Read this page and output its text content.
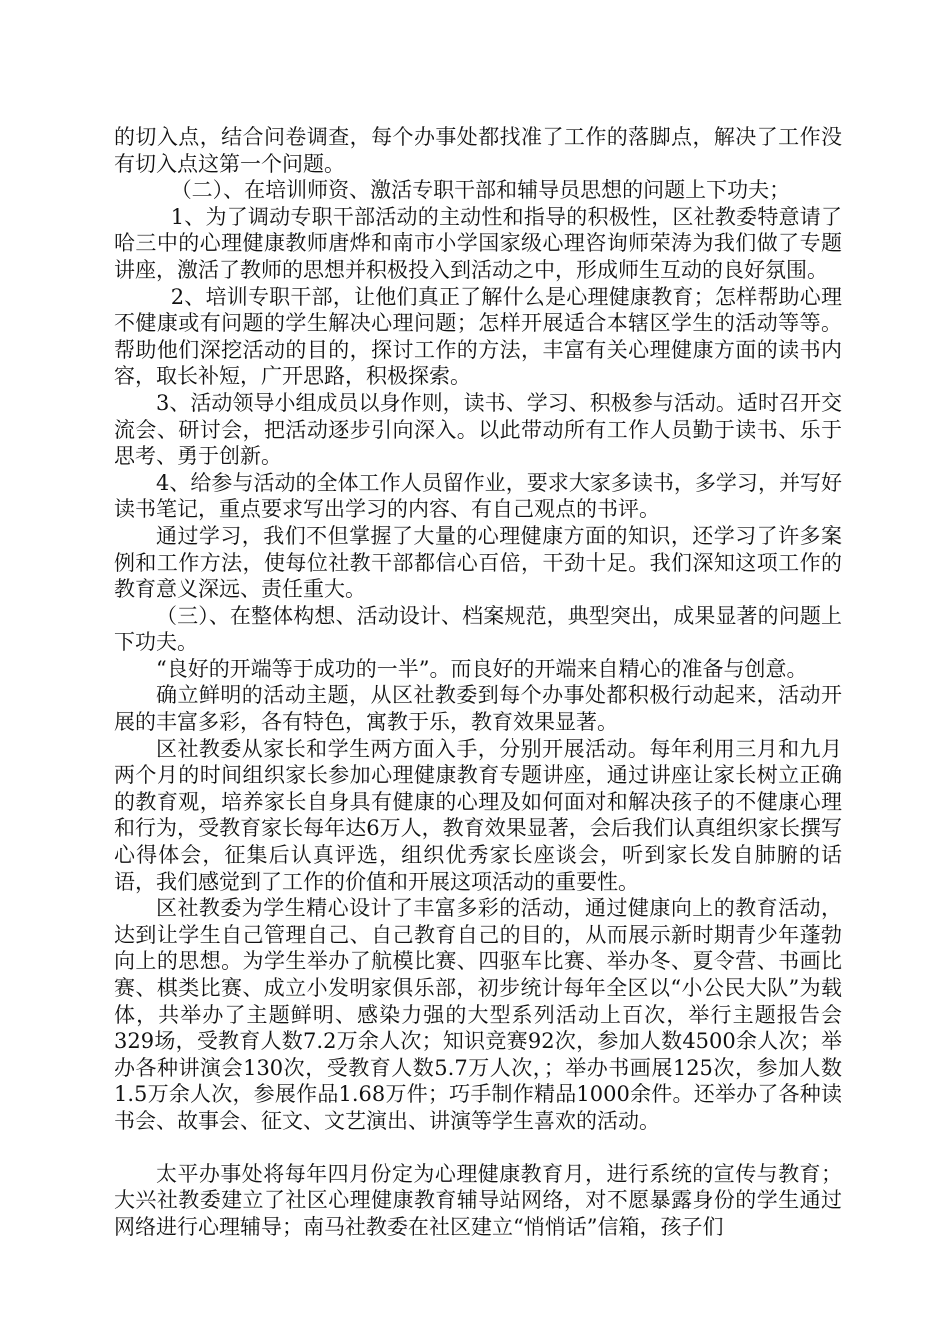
的切入点，结合问卷调查，每个办事处都找准了工作的落脚点，解决了工作没有切入点这第一个问题。

（二）、在培训师资、激活专职干部和辅导员思想的问题上下功夫；

1、为了调动专职干部活动的主动性和指导的积极性，区社教委特意请了哈三中的心理健康教师唐烨和南市小学国家级心理咨询师荣涛为我们做了专题讲座，激活了教师的思想并积极投入到活动之中，形成师生互动的良好氛围。

2、培训专职干部，让他们真正了解什么是心理健康教育；怎样帮助心理不健康或有问题的学生解决心理问题；怎样开展适合本辖区学生的活动等等。帮助他们深挖活动的目的，探讨工作的方法，丰富有关心理健康方面的读书内容，取长补短，广开思路，积极探索。

3、活动领导小组成员以身作则，读书、学习、积极参与活动。适时召开交流会、研讨会，把活动逐步引向深入。以此带动所有工作人员勤于读书、乐于思考、勇于创新。

4、给参与活动的全体工作人员留作业，要求大家多读书，多学习，并写好读书笔记，重点要求写出学习的内容、有自己观点的书评。

通过学习，我们不但掌握了大量的心理健康方面的知识，还学习了许多案例和工作方法，使每位社教干部都信心百倍，干劲十足。我们深知这项工作的教育意义深远、责任重大。

（三）、在整体构想、活动设计、档案规范，典型突出，成果显著的问题上下功夫。

“良好的开端等于成功的一半”。而良好的开端来自精心的准备与创意。

确立鲜明的活动主题，从区社教委到每个办事处都积极行动起来，活动开展的丰富多彩，各有特色，寓教于乐，教育效果显著。

区社教委从家长和学生两方面入手，分别开展活动。每年利用三月和九月两个月的时间组织家长参加心理健康教育专题讲座，通过讲座让家长树立正确的教育观，培养家长自身具有健康的心理及如何面对和解决孩子的不健康心理和行为，受教育家长每年达6万人，教育效果显著，会后我们认真组织家长撰写心得体会，征集后认真评选，组织优秀家长座谈会，听到家长发自肺腑的话语，我们感觉到了工作的价值和开展这项活动的重要性。

区社教委为学生精心设计了丰富多彩的活动，通过健康向上的教育活动，达到让学生自己管理自己、自己教育自己的目的，从而展示新时期青少年蓬勃向上的思想。为学生举办了航模比赛、四驱车比赛、举办冬、夏令营、书画比赛、棋类比赛、成立小发明家俱乐部，初步统计每年全区以“小公民大队”为载体，共举办了主题鲜明、感染力强的大型系列活动上百次，举行主题报告会329场，受教育人数7.2万余人次；知识竞赛92次，参加人数4500余人次；举办各种讲演会130次，受教育人数5.7万人次，；举办书画展125次，参加人数1.5万余人次，参展作品1.68万件；巧手制作精品1000余件。还举办了各种读书会、故事会、征文、文艺演出、讲演等学生喜欢的活动。

太平办事处将每年四月份定为心理健康教育月，进行系统的宣传与教育；大兴社教委建立了社区心理健康教育辅导站网络，对不愿暴露身份的学生通过网络进行心理辅导；南马社教委在社区建立“悄悄话”信箱，孩子们
